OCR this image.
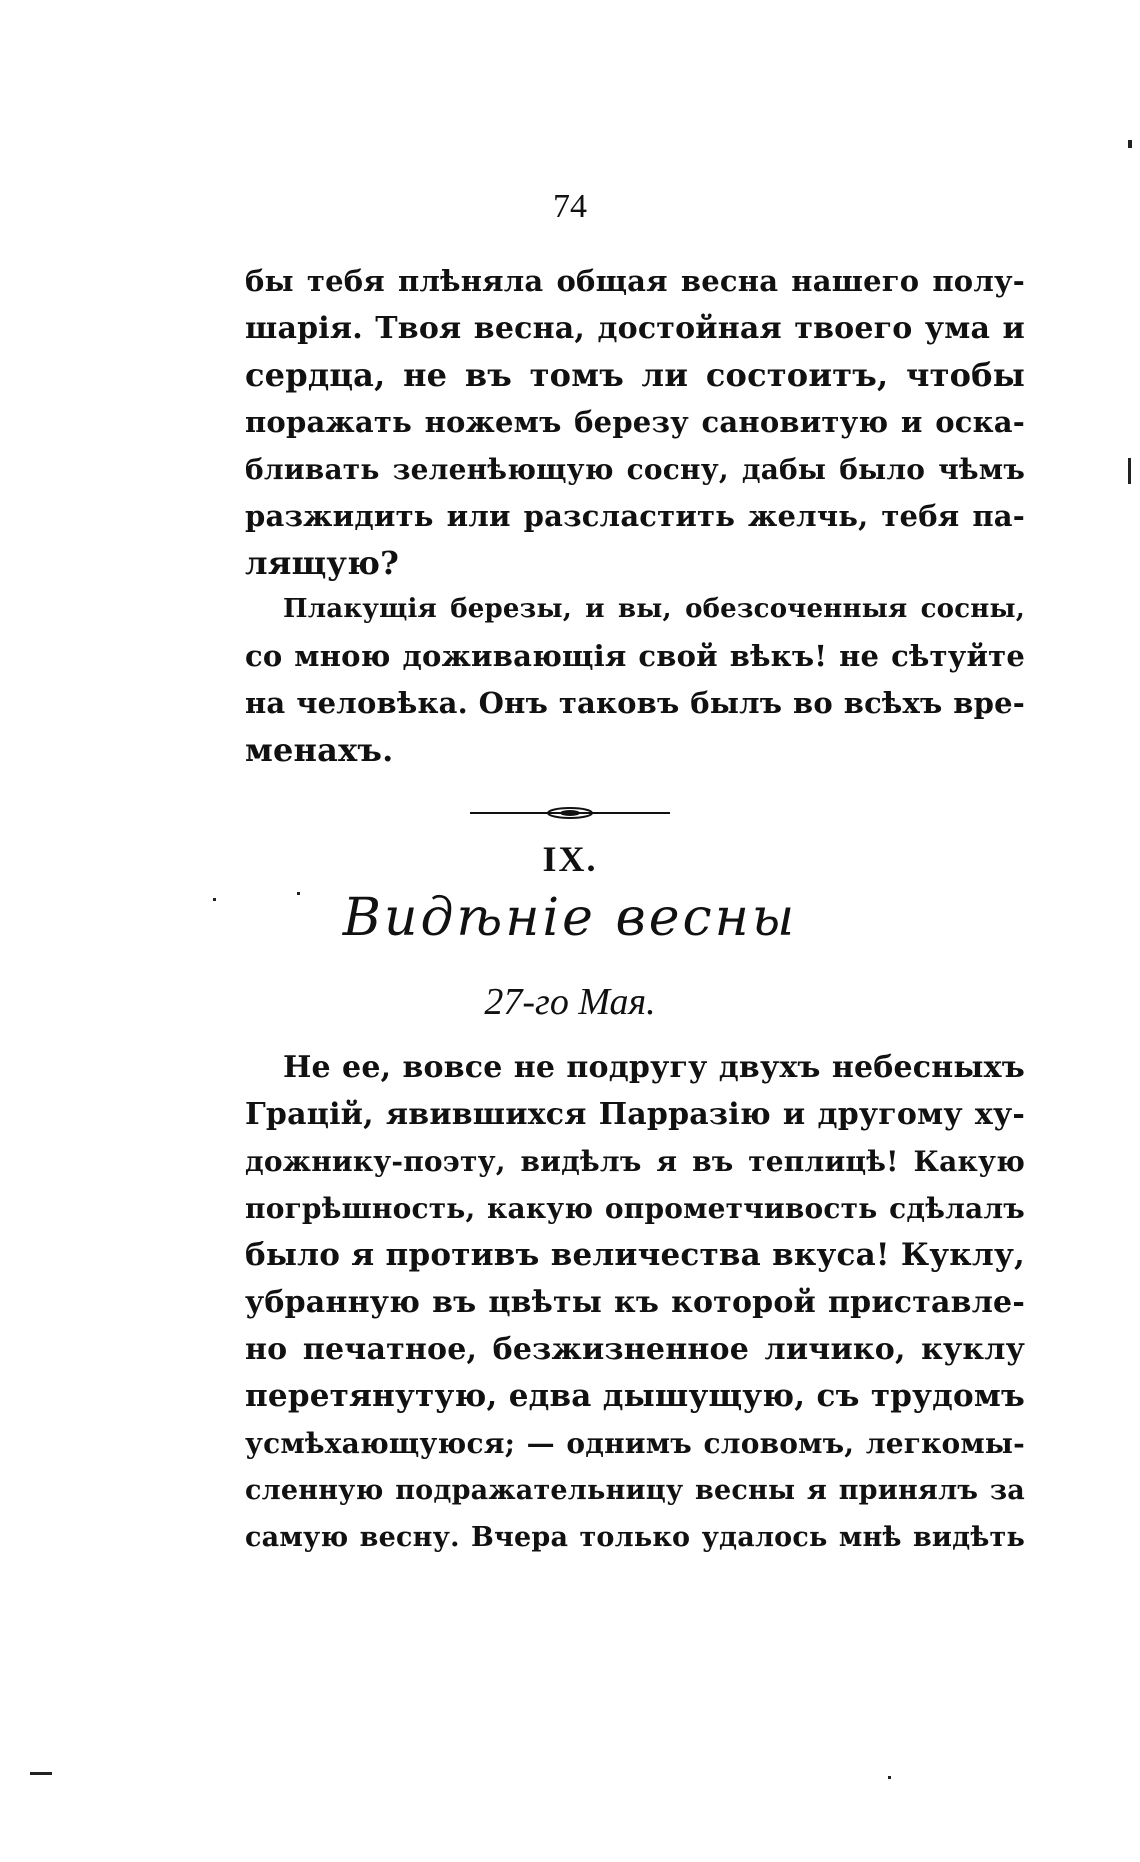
74
бы тебя плѣняла общая весна нашего полу-
шарія. Твоя весна, достойная твоего ума и
сердца, не въ томъ ли состоитъ, чтобы
поражать ножемъ березу сановитую и оска-
бливать зеленѣющую сосну, дабы было чѣмъ
разжидить или разсластить желчь, тебя па-
лящую?
Плакущія березы, и вы, обезсоченныя сосны,
со мною доживающія свой вѣкъ! не сѣтуйте
на человѣка. Онъ таковъ былъ во всѣхъ вре-
менахъ.
IX.
Видѣніе весны
27-го Мая.
Не ее, вовсе не подругу двухъ небесныхъ
Грацій, явившихся Парразію и другому ху-
дожнику-поэту, видѣлъ я въ теплицѣ! Какую
погрѣшность, какую опрометчивость сдѣлалъ
было я противъ величества вкуса! Куклу,
убранную въ цвѣты къ которой приставле-
но печатное, безжизненное личико, куклу
перетянутую, едва дышущую, съ трудомъ
усмѣхающуюся; — однимъ словомъ, легкомы-
сленную подражательницу весны я принялъ за
самую весну. Вчера только удалось мнѣ видѣть
